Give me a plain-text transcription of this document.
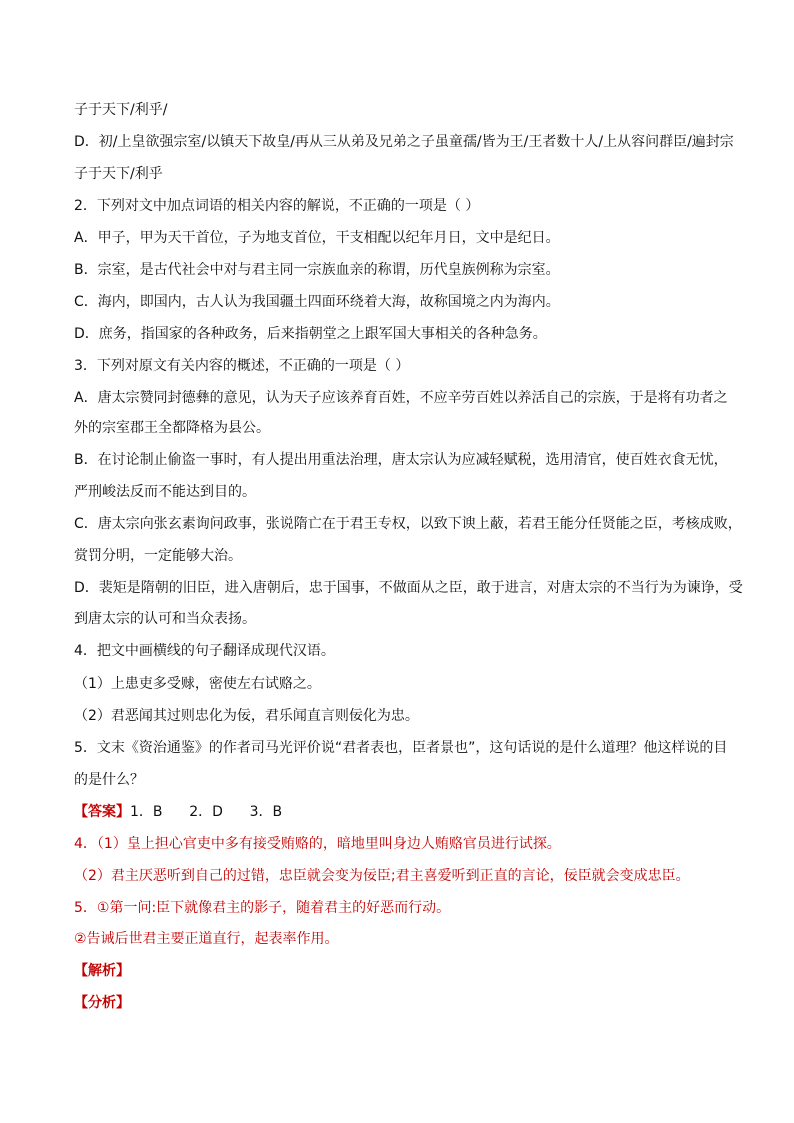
子于天下/利乎/
D．初/上皇欲强宗室/以镇天下故皇/再从三从弟及兄弟之子虽童孺/皆为王/王者数十人/上从容问群臣/遍封宗
子于天下/利乎
2．下列对文中加点词语的相关内容的解说，不正确的一项是（ ）
A．甲子，甲为天干首位，子为地支首位，干支相配以纪年月日，文中是纪日。
B．宗室，是古代社会中对与君主同一宗族血亲的称谓，历代皇族例称为宗室。
C．海内，即国内，古人认为我国疆土四面环绕着大海，故称国境之内为海内。
D．庶务，指国家的各种政务，后来指朝堂之上跟军国大事相关的各种急务。
3．下列对原文有关内容的概述，不正确的一项是（ ）
A．唐太宗赞同封德彝的意见，认为天子应该养育百姓，不应辛劳百姓以养活自己的宗族，于是将有功者之
外的宗室郡王全都降格为县公。
B．在讨论制止偷盗一事时，有人提出用重法治理，唐太宗认为应减轻赋税，选用清官，使百姓衣食无忧，
严刑峻法反而不能达到目的。
C．唐太宗向张玄素询问政事，张说隋亡在于君王专权，以致下谀上蔽，若君王能分任贤能之臣，考核成败，
赏罚分明，一定能够大治。
D．裴矩是隋朝的旧臣，进入唐朝后，忠于国事，不做面从之臣，敢于进言，对唐太宗的不当行为为谏诤，受
到唐太宗的认可和当众表扬。
4．把文中画横线的句子翻译成现代汉语。
（1）上患吏多受赇，密使左右试赂之。
（2）君恶闻其过则忠化为佞，君乐闻直言则佞化为忠。
5．文末《资治通鉴》的作者司马光评价说“君者表也，臣者景也”，这句话说的是什么道理？他这样说的目
的是什么？
【答案】1．B      2．D      3．B
4．（1）皇上担心官吏中多有接受贿赂的，暗地里叫身边人贿赂官员进行试探。
（2）君主厌恶听到自己的过错，忠臣就会变为佞臣;君主喜爱听到正直的言论，佞臣就会变成忠臣。
5．①第一问:臣下就像君主的影子，随着君主的好恶而行动。
②告诫后世君主要正道直行，起表率作用。
【解析】
【分析】
